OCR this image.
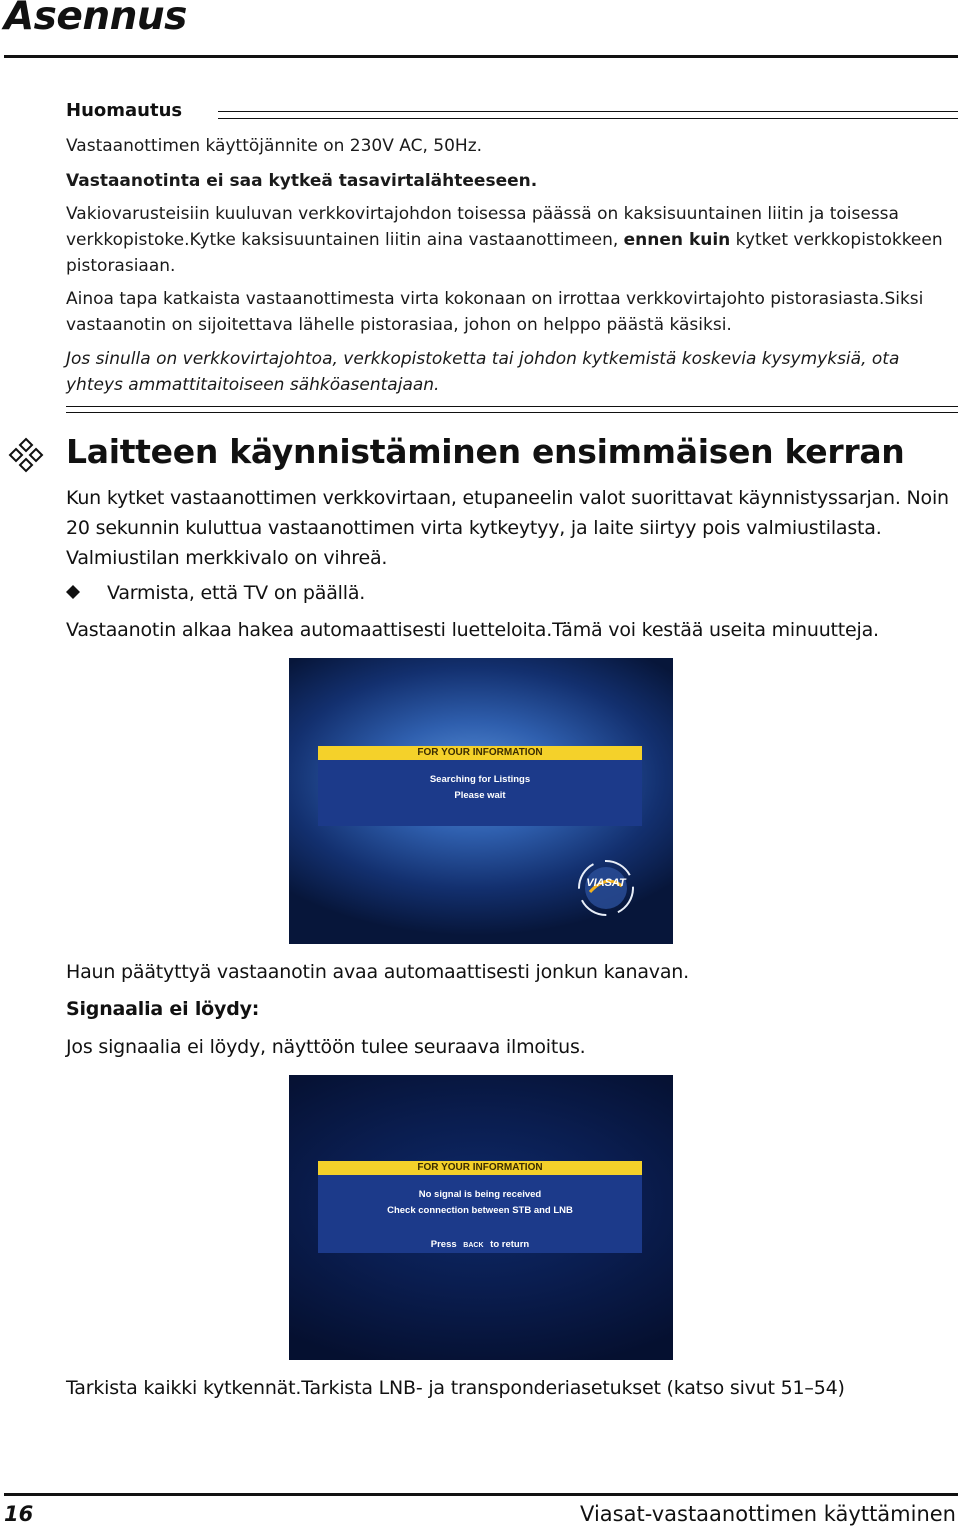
Asennus
Huomautus

Vastaanottimen käyttöjännite on 230V AC, 50Hz.

Vastaanotinta ei saa kytkeä tasavirtalähteeseen.

Vakiovarusteisiin kuuluvan verkkovirtajohdon toisessa päässä on kaksisuuntainen liitin ja toisessa verkkopistoke.Kytke kaksisuuntainen liitin aina vastaanottimeen, ennen kuin kytket verkkopistokkeen pistorasiaan.

Ainoa tapa katkaista vastaanottimesta virta kokonaan on irrottaa verkkovirtajohto pistorasiasta.Siksi vastaanotin on sijoitettava lähelle pistorasiaa, johon on helppo päästä käsiksi.

Jos sinulla on verkkovirtajohtoa, verkkopistoketta tai johdon kytkemistä koskevia kysymyksiä, ota yhteys ammattitaitoiseen sähköasentajaan.

Laitteen käynnistäminen ensimmäisen kerran

Kun kytket vastaanottimen verkkovirtaan, etupaneelin valot suorittavat käynnistyssarjan. Noin 20 sekunnin kuluttua vastaanottimen virta kytkeytyy, ja laite siirtyy pois valmiustilasta. Valmiustilan merkkivalo on vihreä.

Varmista, että TV on päällä.

Vastaanotin alkaa hakea automaattisesti luetteloita.Tämä voi kestää useita minuutteja.

FOR YOUR INFORMATION
Searching for Listings
Please wait
VIASAT

Haun päätyttyä vastaanotin avaa automaattisesti jonkun kanavan.

Signaalia ei löydy:

Jos signaalia ei löydy, näyttöön tulee seuraava ilmoitus.

FOR YOUR INFORMATION
No signal is being received
Check connection between STB and LNB
Press BACK to return

Tarkista kaikki kytkennät.Tarkista LNB- ja transponderiasetukset (katso sivut 51–54)

16	Viasat-vastaanottimen käyttäminen
